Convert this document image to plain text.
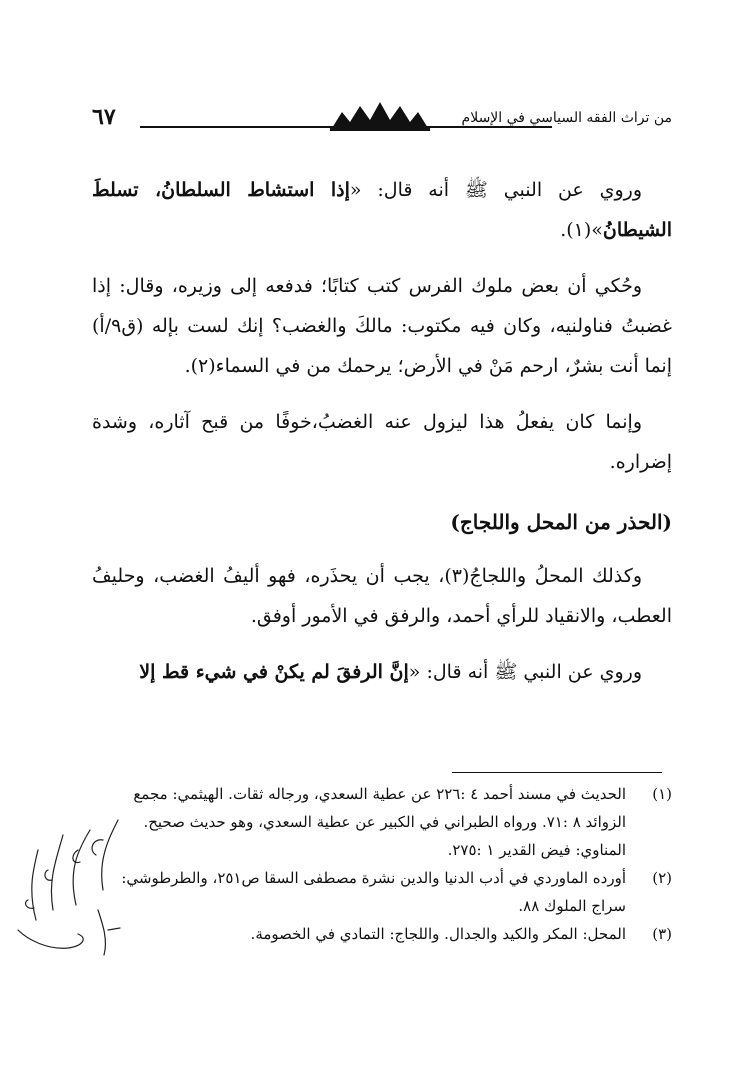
من تراث الفقه السياسي في الإسلام
٦٧

وروي عن النبي ﷺ أنه قال: «إذا استشاط السلطانُ، تسلطَ الشيطانُ»(١).

وحُكي أن بعض ملوك الفرس كتب كتابًا؛ فدفعه إلى وزيره، وقال: إذا غضبتُ فناولنيه، وكان فيه مكتوب: مالكَ والغضب؟ إنك لست بإله (ق٩/أ) إنما أنت بشرٌ، ارحم مَنْ في الأرض؛ يرحمك من في السماء(٢).

وإنما كان يفعلُ هذا ليزول عنه الغضبُ،خوفًا من قبح آثاره، وشدة إضراره.

(الحذر من المحل واللجاج)

وكذلك المحلُ واللجاجُ(٣)، يجب أن يحذَره، فهو أليفُ الغضب، وحليفُ العطب، والانقياد للرأي أحمد، والرفق في الأمور أوفق.

وروي عن النبي ﷺ أنه قال: «إنَّ الرفقَ لم يكنْ في شيء قط إلا

(١)
الحديث في مسند أحمد ٤ :٢٢٦ عن عطية السعدي، ورجاله ثقات. الهيثمي: مجمع الزوائد ٨ :٧١. ورواه الطبراني في الكبير عن عطية السعدي، وهو حديث صحيح. المناوي: فيض القدير ١ :٢٧٥.
(٢)
أورده الماوردي في أدب الدنيا والدين نشرة مصطفى السقا ص٢٥١، والطرطوشي: سراج الملوك ٨٨.
(٣)
المحل: المكر والكيد والجدال. واللجاج: التمادي في الخصومة.
